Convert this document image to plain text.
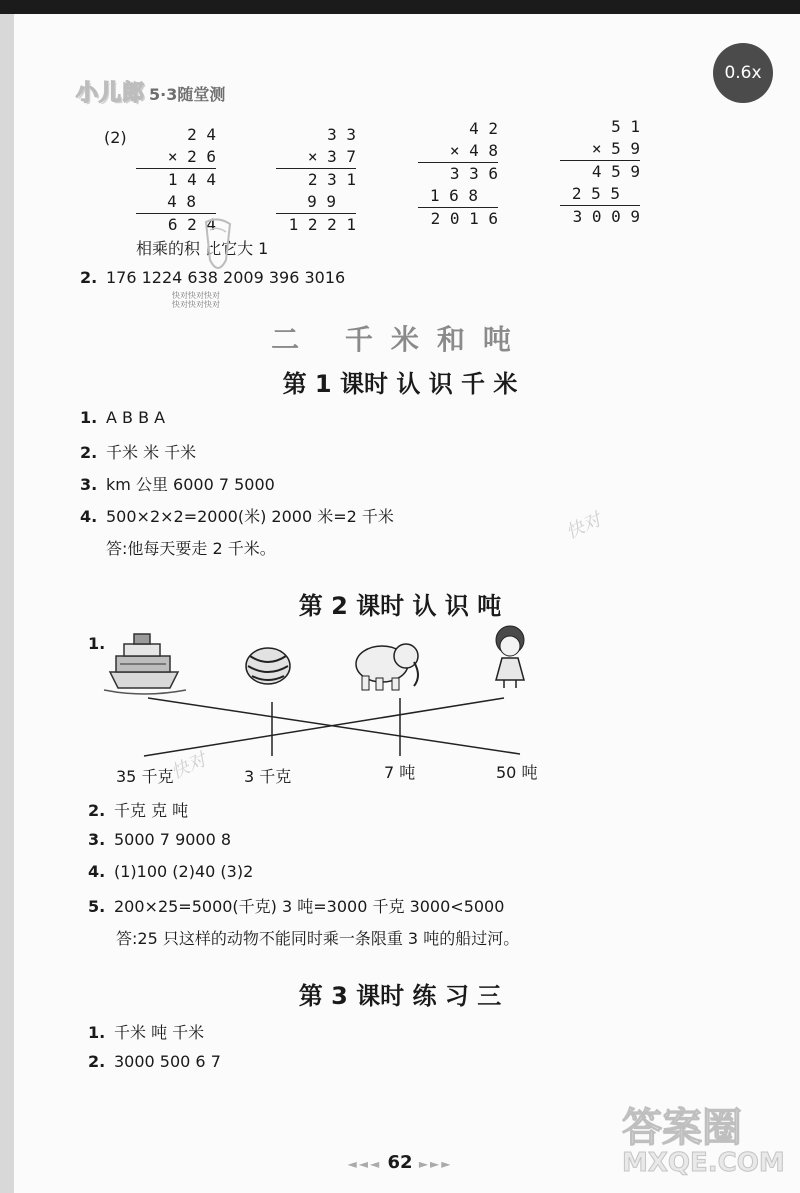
小儿郎 5·3随堂测
0.6x
(2)	2 4
× 2 6
1 4 4
4 8
6 2 4
3 3
× 3 7
2 3 1
9 9
1 2 2 1
4 2
× 4 8
3 3 6
1 6 8
2 0 1 6
5 1
× 5 9
4 5 9
2 5 5
3 0 0 9
相乘的积 比它大 1
2. 176 1224 638 2009 396 3016
快对快对快对
快对快对快对
二 千米和吨
第 1 课时 认 识 千 米
1. A B B A
2. 千米 米 千米
3. km 公里 6000 7 5000
4. 500×2×2=2000(米) 2000 米=2 千米
答:他每天要走 2 千米。
快对
第 2 课时 认 识 吨
1.
35 千克	3 千克	7 吨	50 吨
快对
2. 千克 克 吨
3. 5000 7 9000 8
4. (1)100 (2)40 (3)2
5. 200×25=5000(千克) 3 吨=3000 千克 3000<5000
答:25 只这样的动物不能同时乘一条限重 3 吨的船过河。
第 3 课时 练 习 三
1. 千米 吨 千米
2. 3000 500 6 7
◄◄◄ 62 ►►►
答案圈
MXQE.COM
